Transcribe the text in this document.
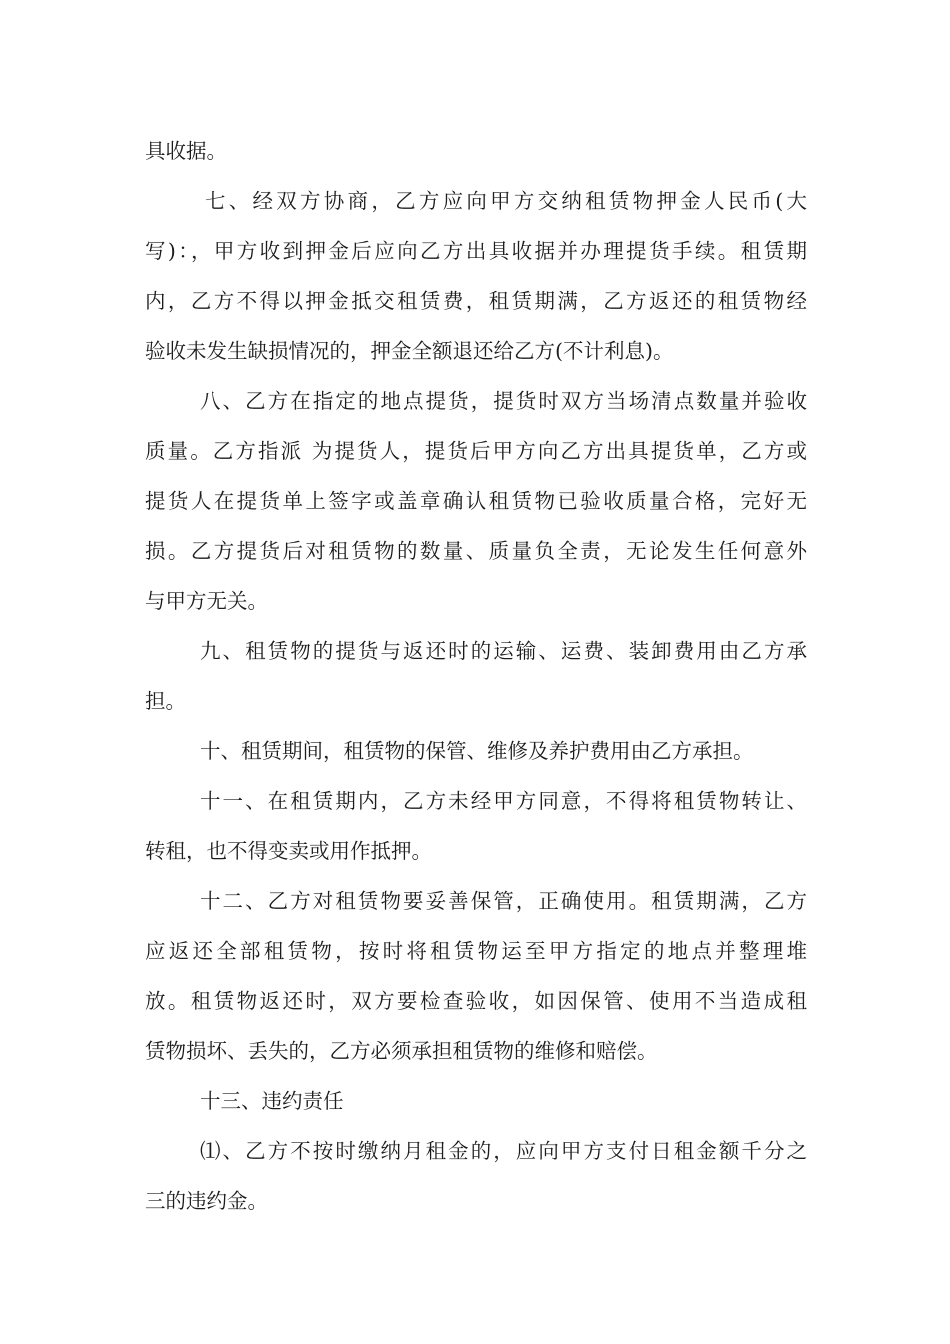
具收据。
七、经双方协商，乙方应向甲方交纳租赁物押金人民币(大
写)：，甲方收到押金后应向乙方出具收据并办理提货手续。租赁期
内，乙方不得以押金抵交租赁费，租赁期满，乙方返还的租赁物经
验收未发生缺损情况的，押金全额退还给乙方(不计利息)。
八、乙方在指定的地点提货，提货时双方当场清点数量并验收
质量。乙方指派 为提货人，提货后甲方向乙方出具提货单，乙方或
提货人在提货单上签字或盖章确认租赁物已验收质量合格，完好无
损。乙方提货后对租赁物的数量、质量负全责，无论发生任何意外
与甲方无关。
九、租赁物的提货与返还时的运输、运费、装卸费用由乙方承
担。
十、租赁期间，租赁物的保管、维修及养护费用由乙方承担。
十一、在租赁期内，乙方未经甲方同意，不得将租赁物转让、
转租，也不得变卖或用作抵押。
十二、乙方对租赁物要妥善保管，正确使用。租赁期满，乙方
应返还全部租赁物，按时将租赁物运至甲方指定的地点并整理堆
放。租赁物返还时，双方要检查验收，如因保管、使用不当造成租
赁物损坏、丢失的，乙方必须承担租赁物的维修和赔偿。
十三、违约责任
⑴、乙方不按时缴纳月租金的，应向甲方支付日租金额千分之
三的违约金。
